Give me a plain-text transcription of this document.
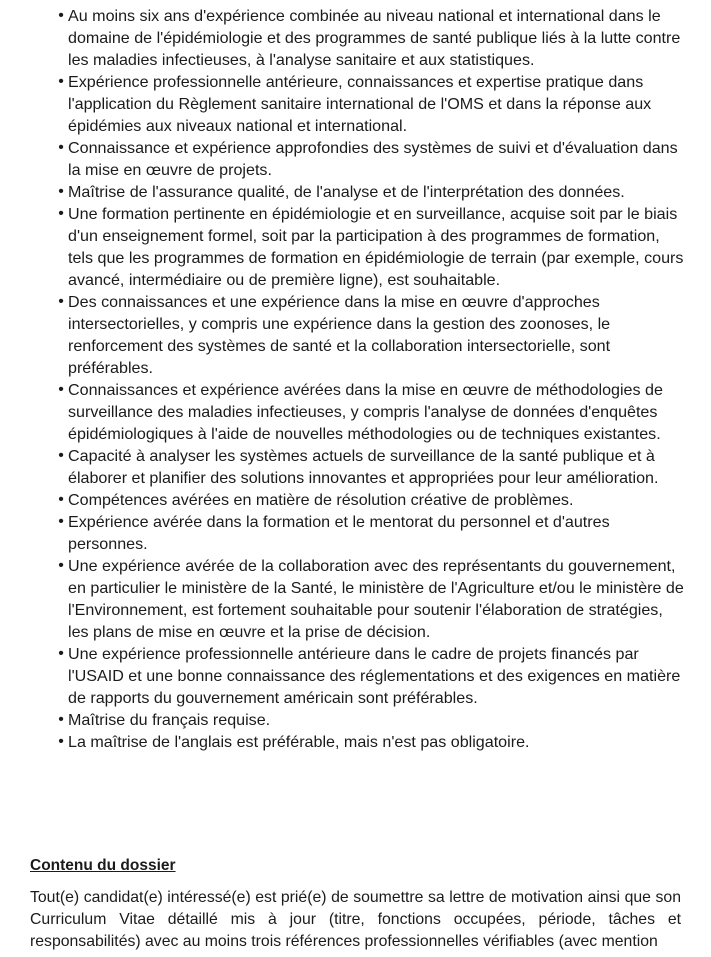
• Au moins six ans d'expérience combinée au niveau national et international dans le domaine de l'épidémiologie et des programmes de santé publique liés à la lutte contre les maladies infectieuses, à l'analyse sanitaire et aux statistiques.
• Expérience professionnelle antérieure, connaissances et expertise pratique dans l'application du Règlement sanitaire international de l'OMS et dans la réponse aux épidémies aux niveaux national et international.
• Connaissance et expérience approfondies des systèmes de suivi et d'évaluation dans la mise en œuvre de projets.
• Maîtrise de l'assurance qualité, de l'analyse et de l'interprétation des données.
• Une formation pertinente en épidémiologie et en surveillance, acquise soit par le biais d'un enseignement formel, soit par la participation à des programmes de formation, tels que les programmes de formation en épidémiologie de terrain (par exemple, cours avancé, intermédiaire ou de première ligne), est souhaitable.
• Des connaissances et une expérience dans la mise en œuvre d'approches intersectorielles, y compris une expérience dans la gestion des zoonoses, le renforcement des systèmes de santé et la collaboration intersectorielle, sont préférables.
• Connaissances et expérience avérées dans la mise en œuvre de méthodologies de surveillance des maladies infectieuses, y compris l'analyse de données d'enquêtes épidémiologiques à l'aide de nouvelles méthodologies ou de techniques existantes.
• Capacité à analyser les systèmes actuels de surveillance de la santé publique et à élaborer et planifier des solutions innovantes et appropriées pour leur amélioration.
• Compétences avérées en matière de résolution créative de problèmes.
• Expérience avérée dans la formation et le mentorat du personnel et d'autres personnes.
• Une expérience avérée de la collaboration avec des représentants du gouvernement, en particulier le ministère de la Santé, le ministère de l'Agriculture et/ou le ministère de l'Environnement, est fortement souhaitable pour soutenir l'élaboration de stratégies, les plans de mise en œuvre et la prise de décision.
• Une expérience professionnelle antérieure dans le cadre de projets financés par l'USAID et une bonne connaissance des réglementations et des exigences en matière de rapports du gouvernement américain sont préférables.
• Maîtrise du français requise.
• La maîtrise de l'anglais est préférable, mais n'est pas obligatoire.
Contenu du dossier

Tout(e) candidat(e) intéressé(e) est prié(e) de soumettre sa lettre de motivation ainsi que son Curriculum Vitae détaillé mis à jour (titre, fonctions occupées, période, tâches et responsabilités) avec au moins trois références professionnelles vérifiables (avec mention
